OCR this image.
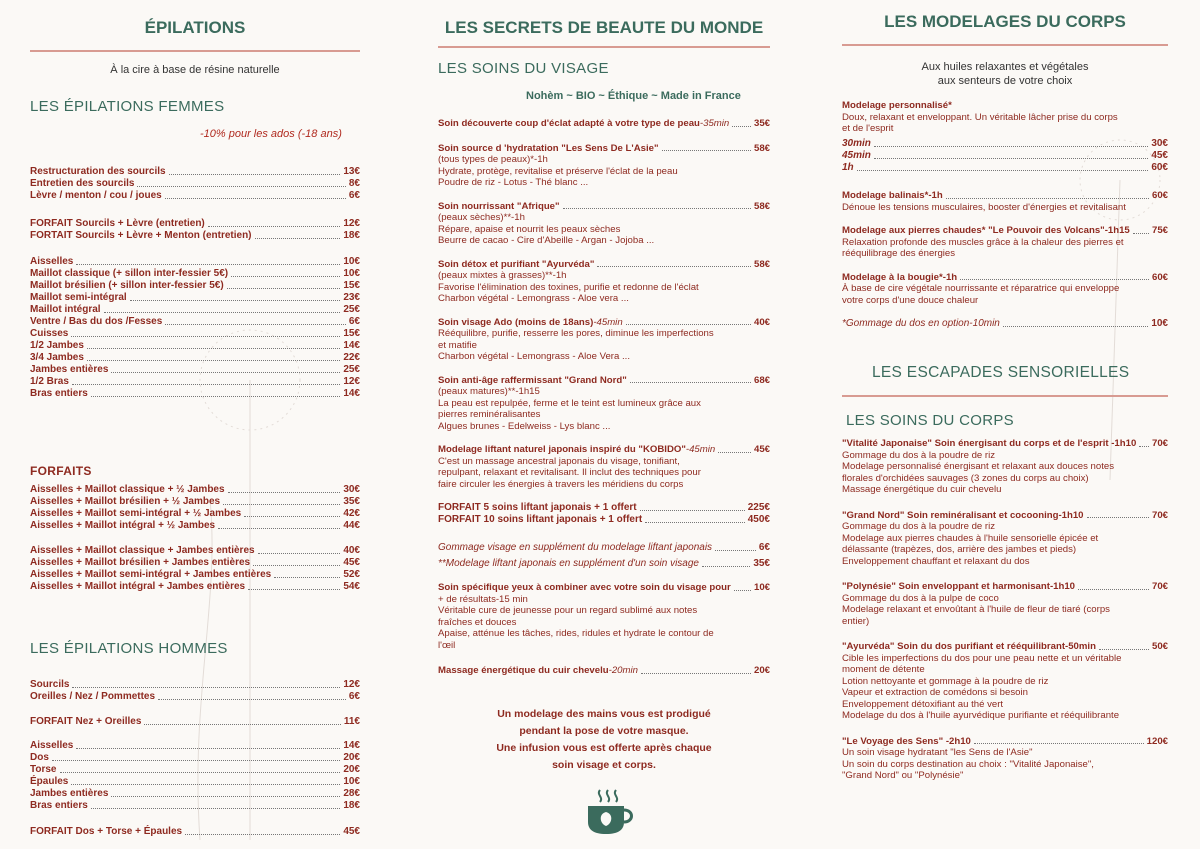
ÉPILATIONS
À la cire à base de résine naturelle
LES ÉPILATIONS FEMMES
-10% pour les ados (-18 ans)
Restructuration des sourcils	13€
Entretien des sourcils	8€
Lèvre / menton / cou / joues	6€
FORFAIT Sourcils + Lèvre (entretien)	12€
FORTAIT Sourcils + Lèvre + Menton (entretien)	18€
Aisselles	10€
Maillot classique (+ sillon inter-fessier 5€)	10€
Maillot brésilien (+ sillon inter-fessier 5€)	15€
Maillot semi-intégral	23€
Maillot intégral	25€
Ventre / Bas du dos /Fesses	6€
Cuisses	15€
1/2 Jambes	14€
3/4 Jambes	22€
Jambes entières	25€
1/2 Bras	12€
Bras entiers	14€
FORFAITS
Aisselles + Maillot classique + ½ Jambes	30€
Aisselles + Maillot brésilien + ½ Jambes	35€
Aisselles + Maillot semi-intégral + ½ Jambes	42€
Aisselles + Maillot intégral + ½ Jambes	44€
Aisselles + Maillot classique + Jambes entières	40€
Aisselles + Maillot brésilien + Jambes entières	45€
Aisselles + Maillot semi-intégral + Jambes entières	52€
Aisselles + Maillot intégral + Jambes entières	54€
LES ÉPILATIONS HOMMES
Sourcils	12€
Oreilles / Nez / Pommettes	6€
FORFAIT Nez + Oreilles	11€
Aisselles	14€
Dos	20€
Torse	20€
Épaules	10€
Jambes entières	28€
Bras entiers	18€
FORFAIT Dos + Torse + Épaules	45€
LES SECRETS DE BEAUTE DU MONDE
LES SOINS DU VISAGE
Nohèm ~ BIO ~ Éthique ~ Made in France
Soin découverte coup d'éclat adapté à votre type de peau-35min	35€
Soin source d 'hydratation "Les Sens De L'Asie"	58€
(tous types de peaux)*-1h
Hydrate, protège, revitalise et préserve l'éclat de la peau
Poudre de riz - Lotus - Thé blanc ...
Soin nourrissant "Afrique"	58€
(peaux sèches)**-1h
Répare, apaise et nourrit les peaux sèches
Beurre de cacao - Cire d'Abeille - Argan - Jojoba ...
Soin détox et purifiant "Ayurvéda"	58€
(peaux mixtes à grasses)**-1h
Favorise l'élimination des toxines, purifie et redonne de l'éclat
Charbon végétal - Lemongrass - Aloe vera ...
Soin visage Ado (moins de 18ans)-45min	40€
Rééquilibre, purifie, resserre les pores, diminue les imperfections
et matifie
Charbon végétal - Lemongrass - Aloe Vera ...
Soin anti-âge raffermissant "Grand Nord"	68€
(peaux matures)**-1h15
La peau est repulpée, ferme et le teint est lumineux grâce aux
pierres reminéralisantes
Algues brunes - Edelweiss - Lys blanc ...
Modelage liftant naturel japonais inspiré du "KOBIDO"-45min	45€
C'est un massage ancestral japonais du visage, tonifiant,
repulpant, relaxant et revitalisant. Il inclut des techniques pour
faire circuler les énergies à travers les méridiens du corps
FORFAIT 5 soins liftant japonais + 1 offert	225€
FORFAIT 10 soins liftant japonais + 1 offert	450€
Gommage visage en supplément du modelage liftant japonais	6€
**Modelage liftant japonais en supplément d'un soin visage	35€
Soin spécifique yeux à combiner avec votre soin du visage pour 10€
+ de résultats-15 min
Véritable cure de jeunesse pour un regard sublimé aux notes
fraîches et douces
Apaise, atténue les tâches, rides, ridules et hydrate le contour de
l'œil
Massage énergétique du cuir chevelu-20min	20€
Un modelage des mains vous est prodigué
pendant la pose de votre masque.
Une infusion vous est offerte après chaque
soin visage et corps.
LES MODELAGES DU CORPS
Aux huiles relaxantes et végétales
aux senteurs de votre choix
Modelage personnalisé*
Doux, relaxant et enveloppant. Un véritable lâcher prise du corps
et de l'esprit
30min	30€
45min	45€
1h	60€
Modelage balinais*-1h	60€
Dénoue les tensions musculaires, booster d'énergies et revitalisant
Modelage aux pierres chaudes* "Le Pouvoir des Volcans"-1h15 75€
Relaxation profonde des muscles grâce à la chaleur des pierres et
rééquilibrage des énergies
Modelage à la bougie*-1h	60€
À base de cire végétale nourrissante et réparatrice qui enveloppe
votre corps d'une douce chaleur
*Gommage du dos en option-10min	10€
LES ESCAPADES SENSORIELLES
LES SOINS DU CORPS
"Vitalité Japonaise" Soin énergisant du corps et de l'esprit -1h10 70€
Gommage du dos à la poudre de riz
Modelage personnalisé énergisant et relaxant aux douces notes
florales d'orchidées sauvages (3 zones du corps au choix)
Massage énergétique du cuir chevelu
"Grand Nord" Soin reminéralisant et cocooning-1h10	70€
Gommage du dos à la poudre de riz
Modelage aux pierres chaudes à l'huile sensorielle épicée et
délassante (trapèzes, dos, arrière des jambes et pieds)
Enveloppement chauffant et relaxant du dos
"Polynésie" Soin enveloppant et harmonisant-1h10	70€
Gommage du dos à la pulpe de coco
Modelage relaxant et envoûtant à l'huile de fleur de tiaré (corps
entier)
"Ayurvéda" Soin du dos purifiant et rééquilibrant-50min	50€
Cible les imperfections du dos pour une peau nette et un véritable
moment de détente
Lotion nettoyante et gommage à la poudre de riz
Vapeur et extraction de comédons si besoin
Enveloppement détoxifiant au thé vert
Modelage du dos à l'huile ayurvédique purifiante et rééquilibrante
"Le Voyage des Sens" -2h10	120€
Un soin visage hydratant "les Sens de l'Asie"
Un soin du corps destination au choix : "Vitalité Japonaise",
"Grand Nord" ou "Polynésie"
